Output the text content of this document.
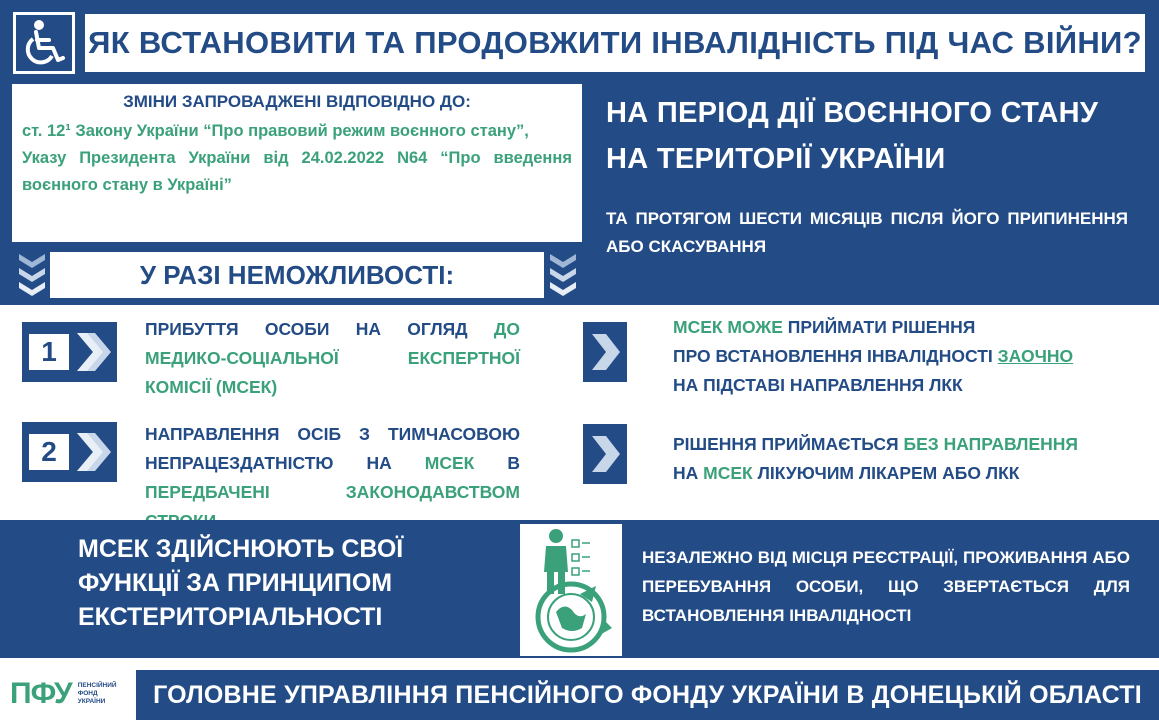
ЯК ВСТАНОВИТИ ТА ПРОДОВЖИТИ ІНВАЛІДНІСТЬ ПІД ЧАС ВІЙНИ?
ЗМІНИ ЗАПРОВАДЖЕНІ ВІДПОВІДНО ДО:
ст. 12¹ Закону України “Про правовий режим воєнного стану”,
Указу Президента України від 24.02.2022 N64 “Про введення воєнного стану в Україні”
У РАЗІ НЕМОЖЛИВОСТІ:
НА ПЕРІОД ДІЇ ВОЄННОГО СТАНУ НА ТЕРИТОРІЇ УКРАЇНИ
ТА ПРОТЯГОМ ШЕСТИ МІСЯЦІВ ПІСЛЯ ЙОГО ПРИПИНЕННЯ АБО СКАСУВАННЯ
1
ПРИБУТТЯ ОСОБИ НА ОГЛЯД ДО МЕДИКО-СОЦІАЛЬНОЇ ЕКСПЕРТНОЇ КОМІСІЇ (МСЕК)
2
НАПРАВЛЕННЯ ОСІБ З ТИМЧАСОВОЮ НЕПРАЦЕЗДАТНІСТЮ НА МСЕК В ПЕРЕДБАЧЕНІ ЗАКОНОДАВСТВОМ
МСЕК МОЖЕ ПРИЙМАТИ РІШЕННЯ
ПРО ВСТАНОВЛЕННЯ ІНВАЛІДНОСТІ ЗАОЧНО
НА ПІДСТАВІ НАПРАВЛЕННЯ ЛКК
РІШЕННЯ ПРИЙМАЄТЬСЯ БЕЗ НАПРАВЛЕННЯ
НА МСЕК ЛІКУЮЧИМ ЛІКАРЕМ АБО ЛКК
МСЕК ЗДІЙСНЮЮТЬ СВОЇ ФУНКЦІЇ ЗА ПРИНЦИПОМ ЕКСТЕРИТОРІАЛЬНОСТІ
НЕЗАЛЕЖНО ВІД МІСЦЯ РЕЄСТРАЦІЇ, ПРОЖИВАННЯ АБО ПЕРЕБУВАННЯ ОСОБИ, ЩО ЗВЕРТАЄТЬСЯ ДЛЯ ВСТАНОВЛЕННЯ ІНВАЛІДНОСТІ
ПФУ ПЕНСІЙНИЙ
ФОНД
УКРАЇНИ	ГОЛОВНЕ УПРАВЛІННЯ ПЕНСІЙНОГО ФОНДУ УКРАЇНИ В ДОНЕЦЬКІЙ ОБЛАСТІ
